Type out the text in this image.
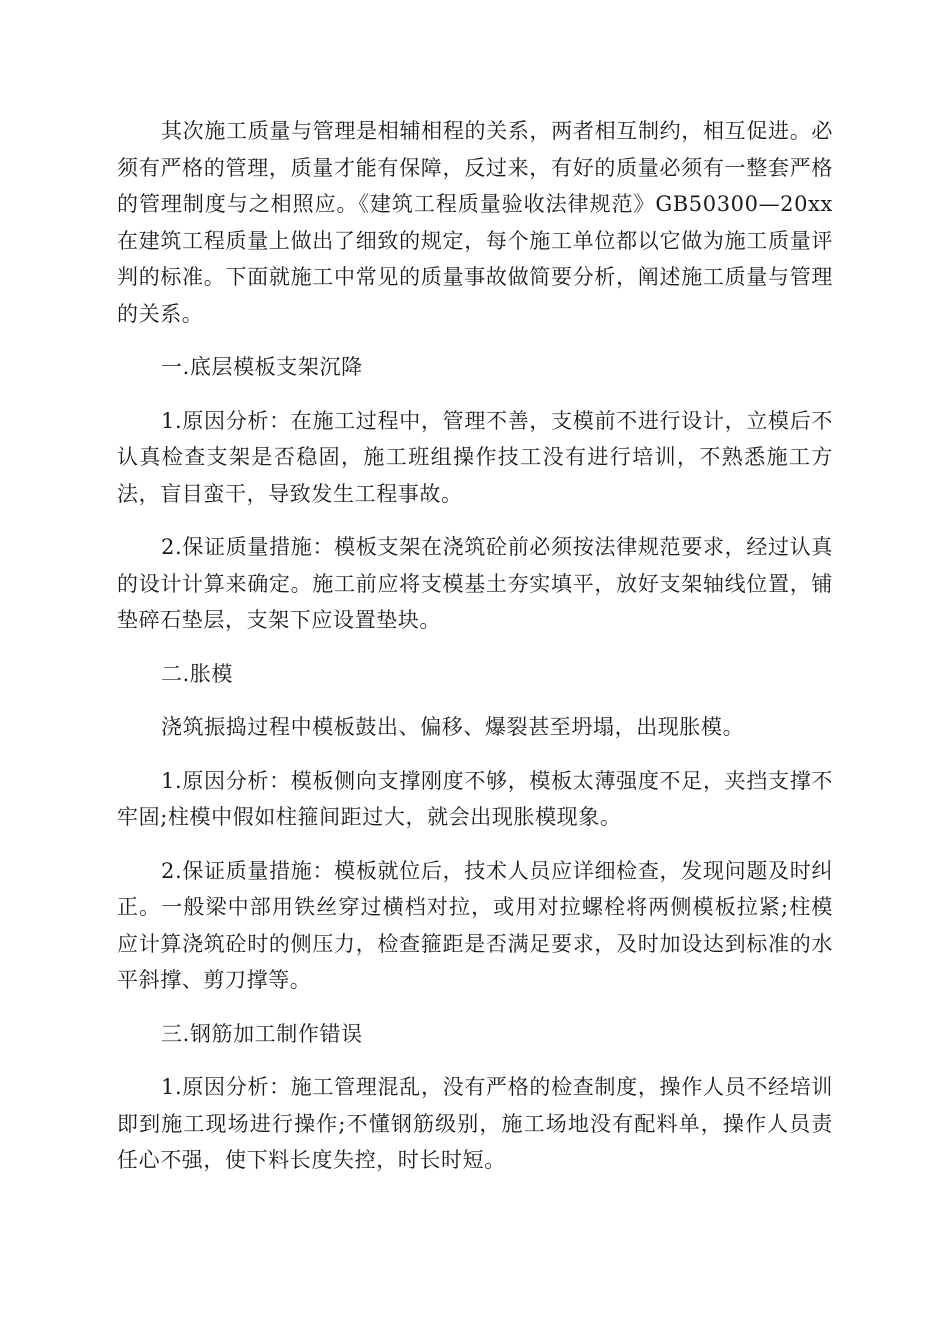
其次施工质量与管理是相辅相程的关系，两者相互制约，相互促进。必须有严格的管理，质量才能有保障，反过来，有好的质量必须有一整套严格的管理制度与之相照应。《建筑工程质量验收法律规范》GB50300—20xx在建筑工程质量上做出了细致的规定，每个施工单位都以它做为施工质量评判的标准。下面就施工中常见的质量事故做简要分析，阐述施工质量与管理的关系。

一.底层模板支架沉降

1.原因分析：在施工过程中，管理不善，支模前不进行设计，立模后不认真检查支架是否稳固，施工班组操作技工没有进行培训，不熟悉施工方法，盲目蛮干，导致发生工程事故。

2.保证质量措施：模板支架在浇筑砼前必须按法律规范要求，经过认真的设计计算来确定。施工前应将支模基土夯实填平，放好支架轴线位置，铺垫碎石垫层，支架下应设置垫块。

二.胀模

浇筑振捣过程中模板鼓出、偏移、爆裂甚至坍塌，出现胀模。

1.原因分析：模板侧向支撑刚度不够，模板太薄强度不足，夹挡支撑不牢固;柱模中假如柱箍间距过大，就会出现胀模现象。

2.保证质量措施：模板就位后，技术人员应详细检查，发现问题及时纠正。一般梁中部用铁丝穿过横档对拉，或用对拉螺栓将两侧模板拉紧;柱模应计算浇筑砼时的侧压力，检查箍距是否满足要求，及时加设达到标准的水平斜撑、剪刀撑等。

三.钢筋加工制作错误

1.原因分析：施工管理混乱，没有严格的检查制度，操作人员不经培训即到施工现场进行操作;不懂钢筋级别，施工场地没有配料单，操作人员责任心不强，使下料长度失控，时长时短。
